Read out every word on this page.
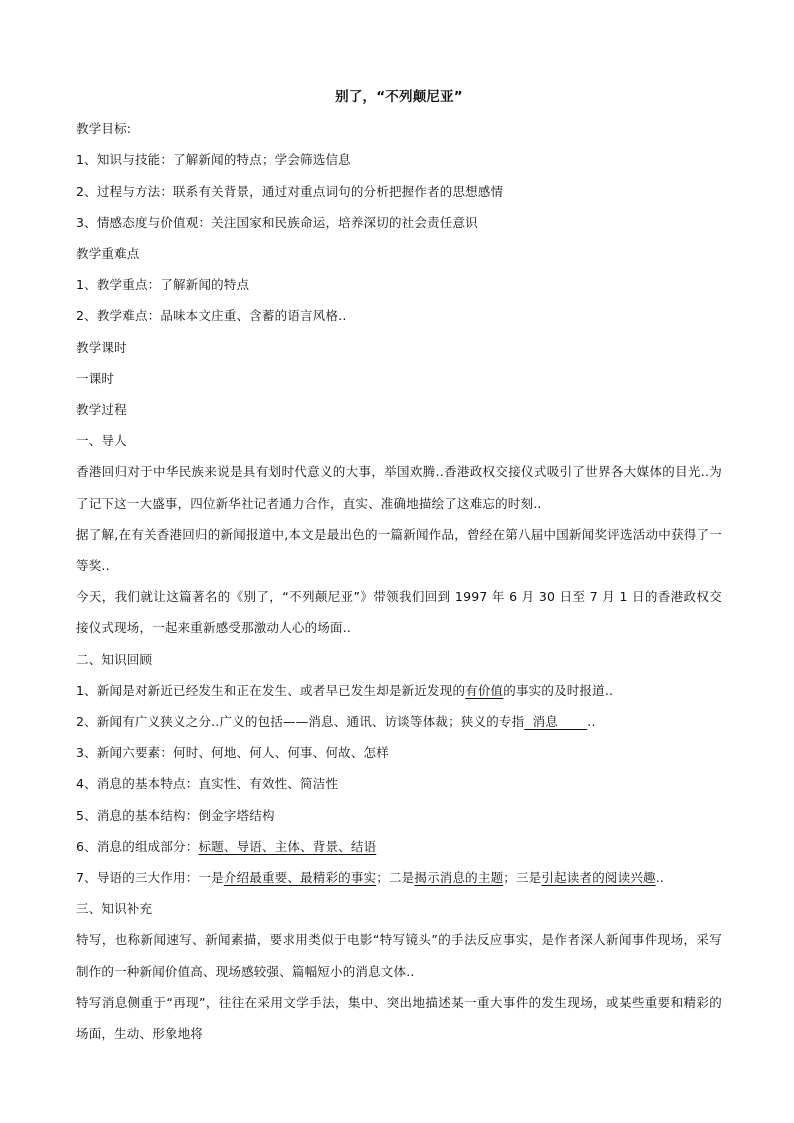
别了，“不列颠尼亚”
教学目标:
1、知识与技能：了解新闻的特点；学会筛选信息
2、过程与方法：联系有关背景，通过对重点词句的分析把握作者的思想感情
3、情感态度与价值观：关注国家和民族命运，培养深切的社会责任意识
教学重难点
1、教学重点：了解新闻的特点
2、教学难点：品味本文庄重、含蓄的语言风格..
教学课时
一课时
教学过程
一、导人
香港回归对于中华民族来说是具有划时代意义的大事，举国欢腾..香港政权交接仪式吸引了世界各大媒体的目光..为了记下这一大盛事，四位新华社记者通力合作，直实、准确地描绘了这难忘的时刻..
据了解,在有关香港回归的新闻报道中,本文是最出色的一篇新闻作品，曾经在第八届中国新闻奖评选活动中获得了一等奖..
今天，我们就让这篇著名的《别了，“不列颠尼亚”》带领我们回到 1997 年 6 月 30 日至 7 月 1 日的香港政权交接仪式现场，一起来重新感受那激动人心的场面..
二、知识回顾
1、新闻是对新近已经发生和正在发生、或者早已发生却是新近发现的有价值的事实的及时报道..
2、新闻有广义狭义之分..广义的包括——消息、通讯、访谈等体裁；狭义的专指  消息       ..
3、新闻六要素：何时、何地、何人、何事、何故、怎样
4、消息的基本特点：直实性、有效性、简洁性
5、消息的基本结构：倒金字塔结构
6、消息的组成部分：标题、导语、主体、背景、结语
7、导语的三大作用：一是介绍最重要、最精彩的事实；二是揭示消息的主题；三是引起读者的阅读兴趣..
三、知识补充
特写，也称新闻速写、新闻素描，要求用类似于电影“特写镜头”的手法反应事实，是作者深人新闻事件现场，采写制作的一种新闻价值高、现场感较强、篇幅短小的消息文体..
特写消息侧重于“再现”，往往在采用文学手法，集中、突出地描述某一重大事件的发生现场，或某些重要和精彩的场面，生动、形象地将
